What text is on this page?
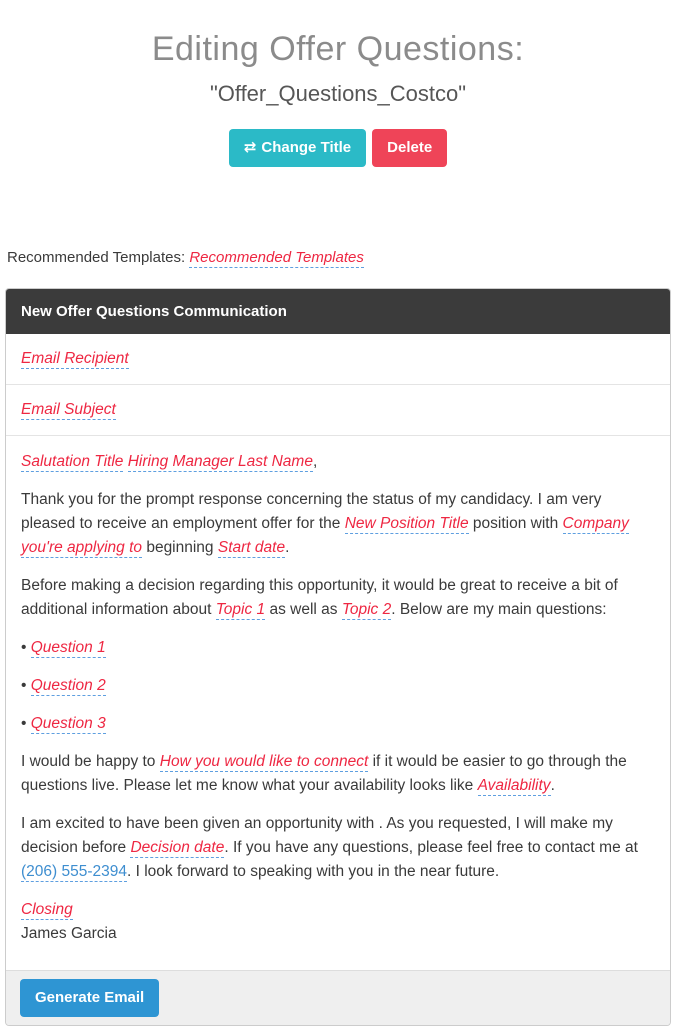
Editing Offer Questions:
"Offer_Questions_Costco"
⇄ Change Title	Delete
Recommended Templates: Recommended Templates
New Offer Questions Communication
Email Recipient
Email Subject

Salutation Title Hiring Manager Last Name,

Thank you for the prompt response concerning the status of my candidacy. I am very pleased to receive an employment offer for the New Position Title position with Company you're applying to beginning Start date.

Before making a decision regarding this opportunity, it would be great to receive a bit of additional information about Topic 1 as well as Topic 2. Below are my main questions:

• Question 1

• Question 2

• Question 3

I would be happy to How you would like to connect if it would be easier to go through the questions live. Please let me know what your availability looks like Availability.

I am excited to have been given an opportunity with . As you requested, I will make my decision before Decision date. If you have any questions, please feel free to contact me at (206) 555-2394. I look forward to speaking with you in the near future.

Closing

James Garcia

Generate Email
